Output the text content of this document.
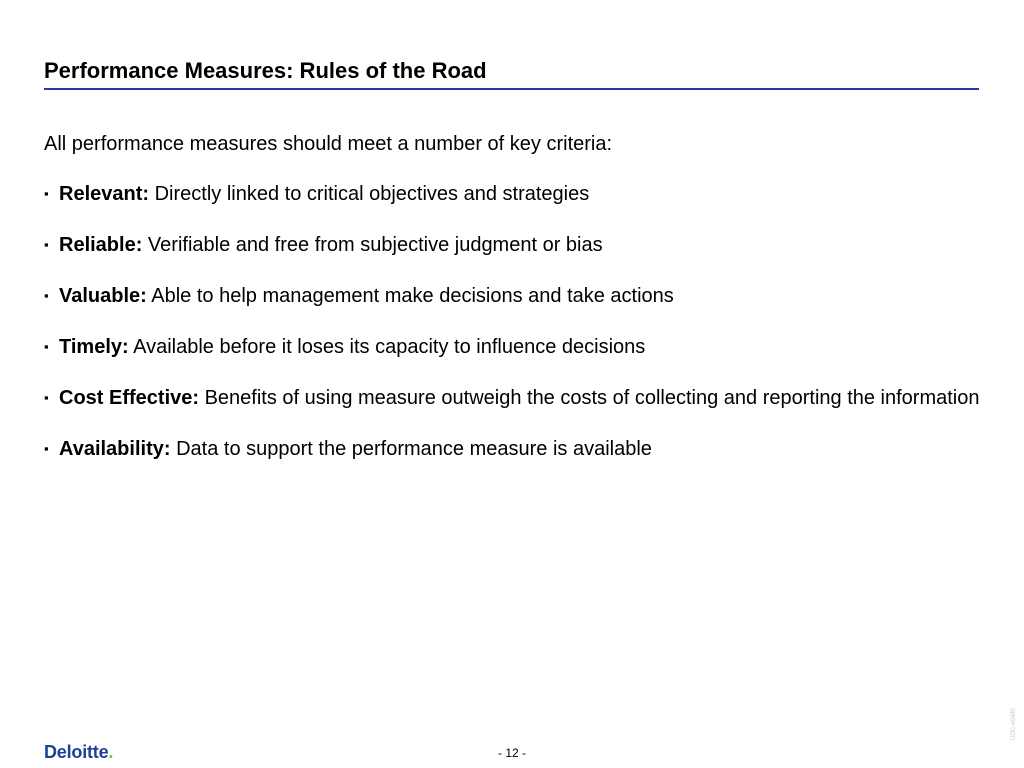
Performance Measures: Rules of the Road

All performance measures should meet a number of key criteria:

▪ Relevant: Directly linked to critical objectives and strategies
▪ Reliable: Verifiable and free from subjective judgment or bias
▪ Valuable: Able to help management make decisions and take actions
▪ Timely: Available before it loses its capacity to influence decisions
▪ Cost Effective: Benefits of using measure outweigh the costs of collecting and reporting the information
▪ Availability: Data to support the performance measure is available
Deloitte.	- 12 -
DOC-#0485
